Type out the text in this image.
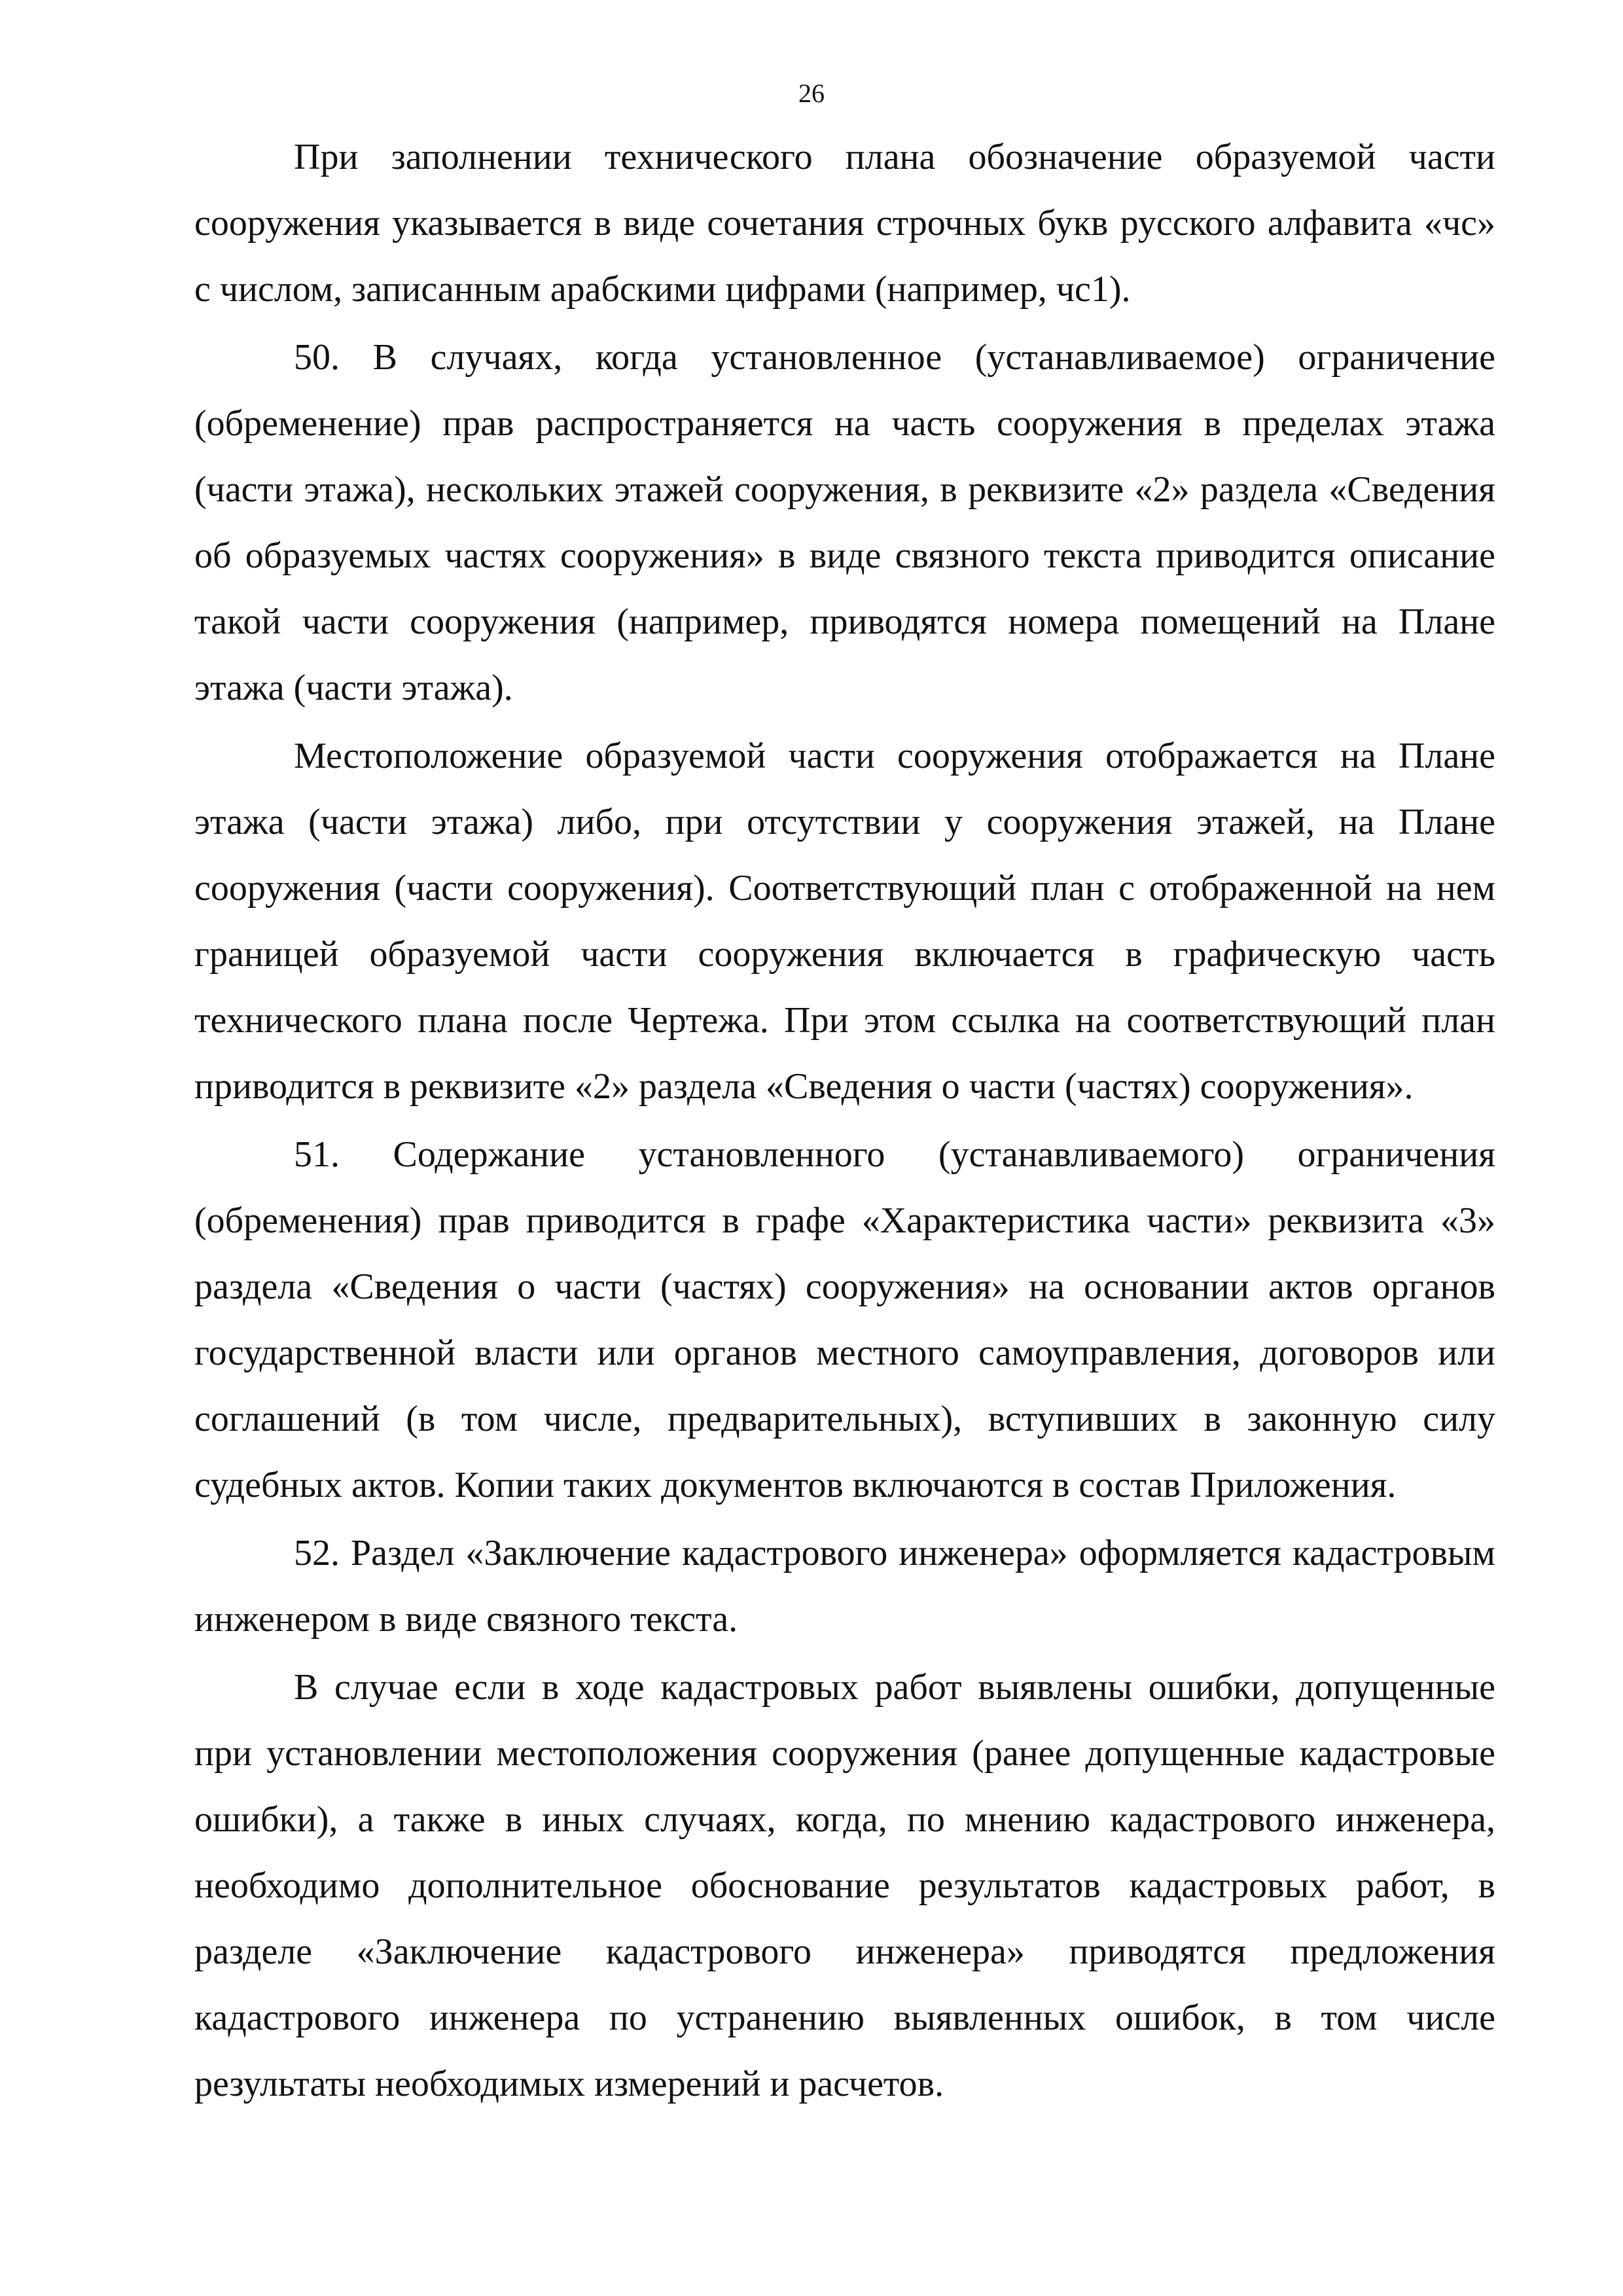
26

При заполнении технического плана обозначение образуемой части сооружения указывается в виде сочетания строчных букв русского алфавита «чс» с числом, записанным арабскими цифрами (например, чс1).

50. В случаях, когда установленное (устанавливаемое) ограничение (обременение) прав распространяется на часть сооружения в пределах этажа (части этажа), нескольких этажей сооружения, в реквизите «2» раздела «Сведения об образуемых частях сооружения» в виде связного текста приводится описание такой части сооружения (например, приводятся номера помещений на Плане этажа (части этажа).

Местоположение образуемой части сооружения отображается на Плане этажа (части этажа) либо, при отсутствии у сооружения этажей, на Плане сооружения (части сооружения). Соответствующий план с отображенной на нем границей образуемой части сооружения включается в графическую часть технического плана после Чертежа. При этом ссылка на соответствующий план приводится в реквизите «2» раздела «Сведения о части (частях) сооружения».

51. Содержание установленного (устанавливаемого) ограничения (обременения) прав приводится в графе «Характеристика части» реквизита «3» раздела «Сведения о части (частях) сооружения» на основании актов органов государственной власти или органов местного самоуправления, договоров или соглашений (в том числе, предварительных), вступивших в законную силу судебных актов. Копии таких документов включаются в состав Приложения.

52. Раздел «Заключение кадастрового инженера» оформляется кадастровым инженером в виде связного текста.

В случае если в ходе кадастровых работ выявлены ошибки, допущенные при установлении местоположения сооружения (ранее допущенные кадастровые ошибки), а также в иных случаях, когда, по мнению кадастрового инженера, необходимо дополнительное обоснование результатов кадастровых работ, в разделе «Заключение кадастрового инженера» приводятся предложения кадастрового инженера по устранению выявленных ошибок, в том числе результаты необходимых измерений и расчетов.
